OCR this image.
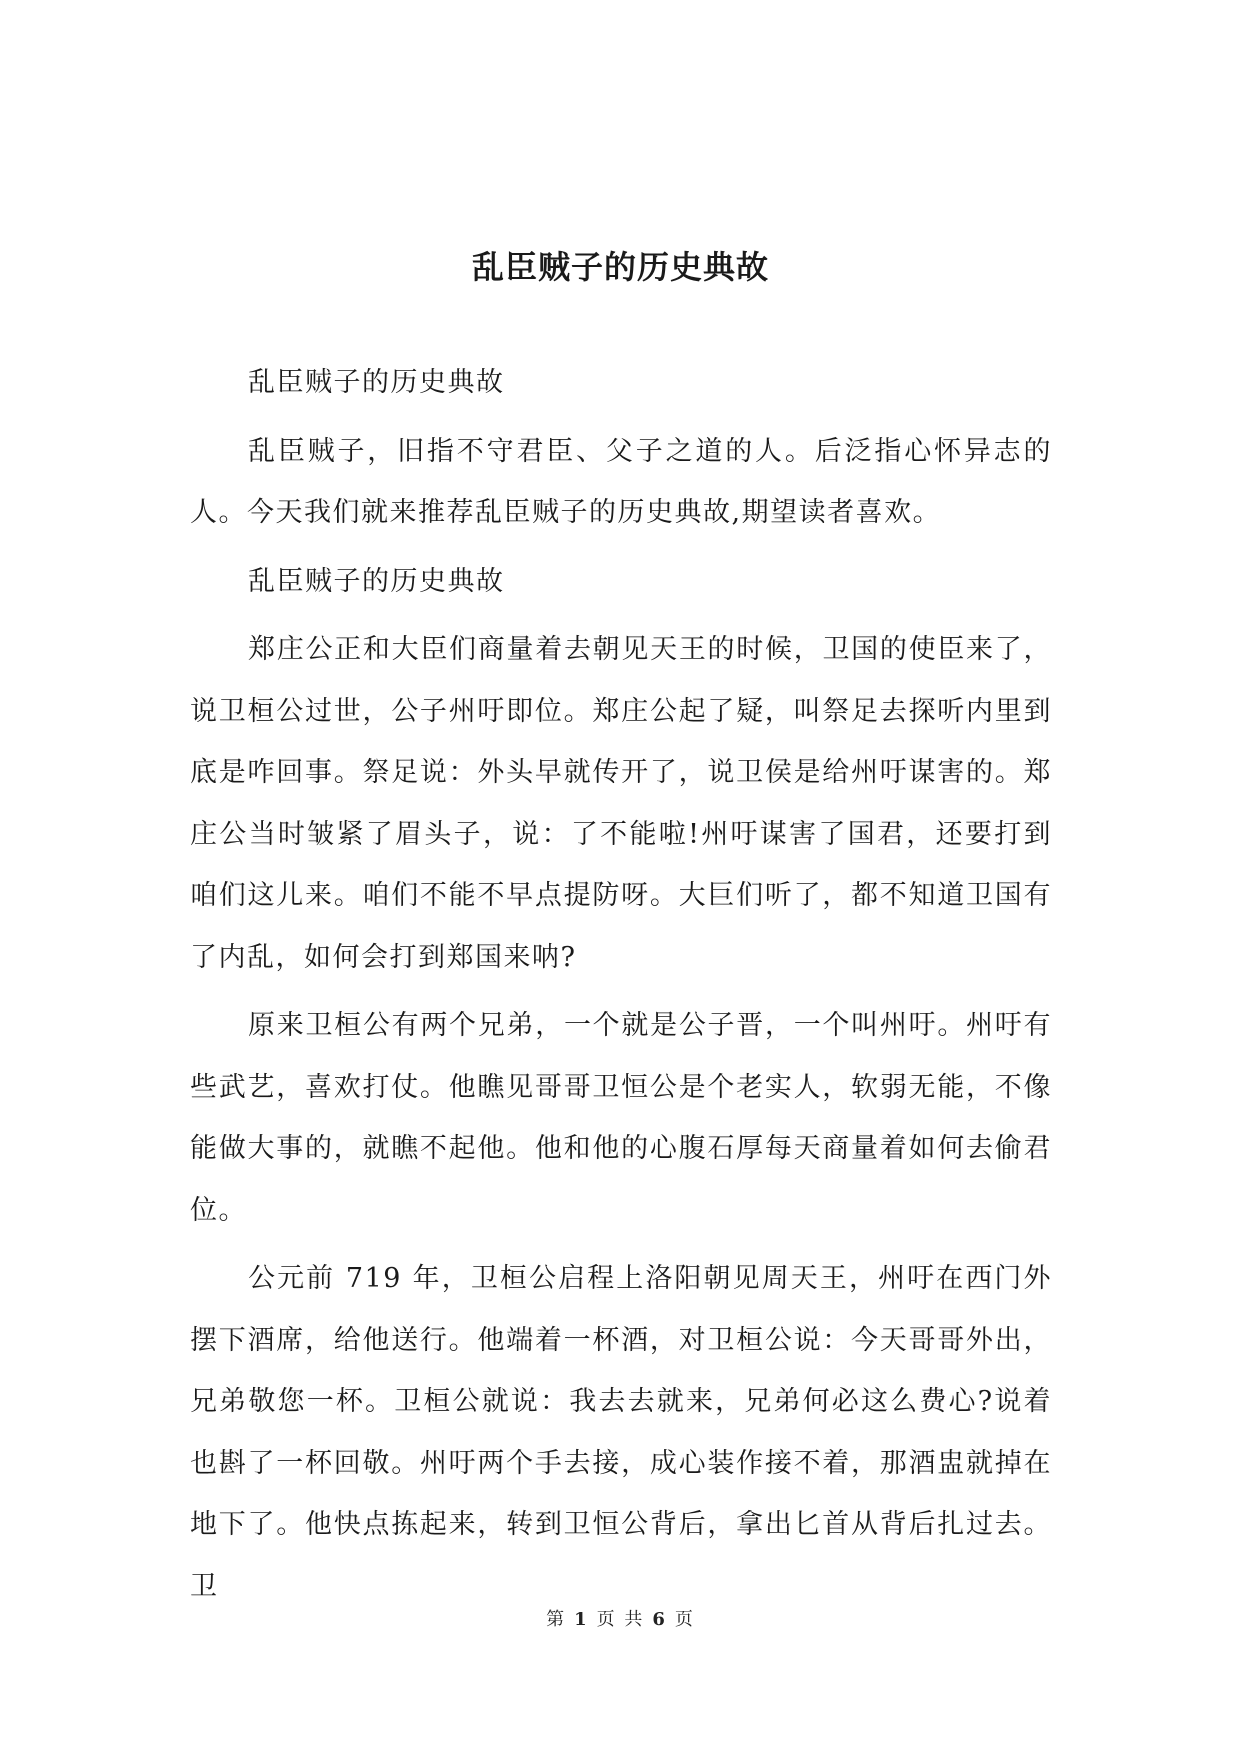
乱臣贼子的历史典故

乱臣贼子的历史典故

乱臣贼子，旧指不守君臣、父子之道的人。后泛指心怀异志的人。今天我们就来推荐乱臣贼子的历史典故,期望读者喜欢。

乱臣贼子的历史典故

郑庄公正和大臣们商量着去朝见天王的时候，卫国的使臣来了，说卫桓公过世，公子州吁即位。郑庄公起了疑，叫祭足去探听内里到底是咋回事。祭足说：外头早就传开了，说卫侯是给州吁谋害的。郑庄公当时皱紧了眉头子，说：了不能啦!州吁谋害了国君，还要打到咱们这儿来。咱们不能不早点提防呀。大巨们听了，都不知道卫国有了内乱，如何会打到郑国来呐?

原来卫桓公有两个兄弟，一个就是公子晋，一个叫州吁。州吁有些武艺，喜欢打仗。他瞧见哥哥卫恒公是个老实人，软弱无能，不像能做大事的，就瞧不起他。他和他的心腹石厚每天商量着如何去偷君位。

公元前 719 年，卫桓公启程上洛阳朝见周天王，州吁在西门外摆下酒席，给他送行。他端着一杯酒，对卫桓公说：今天哥哥外出，兄弟敬您一杯。卫桓公就说：我去去就来，兄弟何必这么费心?说着也斟了一杯回敬。州吁两个手去接，成心装作接不着，那酒盅就掉在地下了。他快点拣起来，转到卫恒公背后，拿出匕首从背后扎过去。卫

第 1 页 共 6 页
